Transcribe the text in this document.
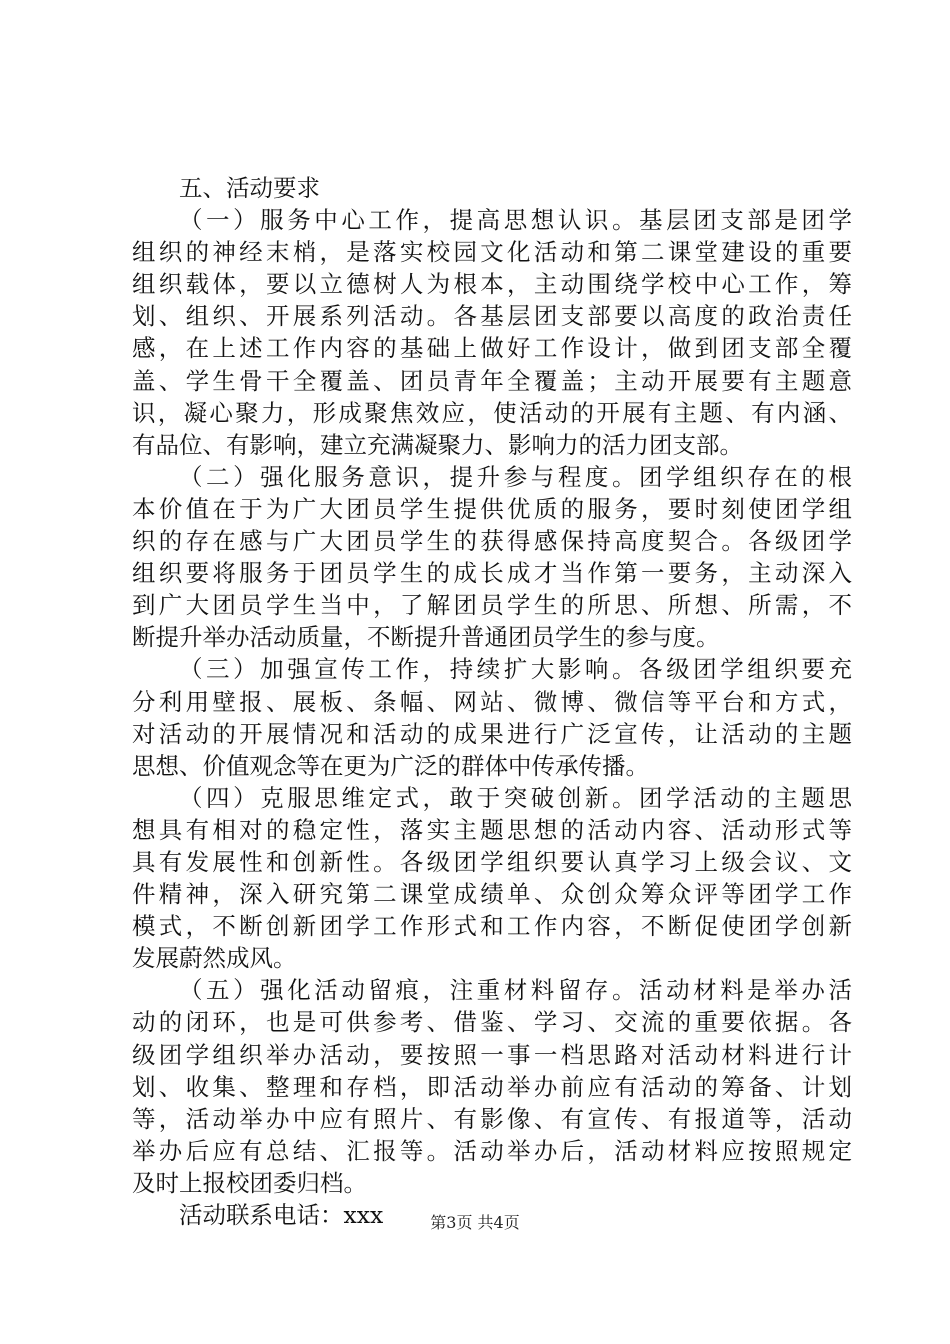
五、活动要求
（一）服务中心工作，提高思想认识。基层团支部是团学
组织的神经末梢，是落实校园文化活动和第二课堂建设的重要
组织载体，要以立德树人为根本，主动围绕学校中心工作，筹
划、组织、开展系列活动。各基层团支部要以高度的政治责任
感，在上述工作内容的基础上做好工作设计，做到团支部全覆
盖、学生骨干全覆盖、团员青年全覆盖；主动开展要有主题意
识，凝心聚力，形成聚焦效应，使活动的开展有主题、有内涵、
有品位、有影响，建立充满凝聚力、影响力的活力团支部。
（二）强化服务意识，提升参与程度。团学组织存在的根
本价值在于为广大团员学生提供优质的服务，要时刻使团学组
织的存在感与广大团员学生的获得感保持高度契合。各级团学
组织要将服务于团员学生的成长成才当作第一要务，主动深入
到广大团员学生当中，了解团员学生的所思、所想、所需，不
断提升举办活动质量，不断提升普通团员学生的参与度。
（三）加强宣传工作，持续扩大影响。各级团学组织要充
分利用壁报、展板、条幅、网站、微博、微信等平台和方式，
对活动的开展情况和活动的成果进行广泛宣传，让活动的主题
思想、价值观念等在更为广泛的群体中传承传播。
（四）克服思维定式，敢于突破创新。团学活动的主题思
想具有相对的稳定性，落实主题思想的活动内容、活动形式等
具有发展性和创新性。各级团学组织要认真学习上级会议、文
件精神，深入研究第二课堂成绩单、众创众筹众评等团学工作
模式，不断创新团学工作形式和工作内容，不断促使团学创新
发展蔚然成风。
（五）强化活动留痕，注重材料留存。活动材料是举办活
动的闭环，也是可供参考、借鉴、学习、交流的重要依据。各
级团学组织举办活动，要按照一事一档思路对活动材料进行计
划、收集、整理和存档，即活动举办前应有活动的筹备、计划
等，活动举办中应有照片、有影像、有宣传、有报道等，活动
举办后应有总结、汇报等。活动举办后，活动材料应按照规定
及时上报校团委归档。
活动联系电话：xxx	第3页 共4页
